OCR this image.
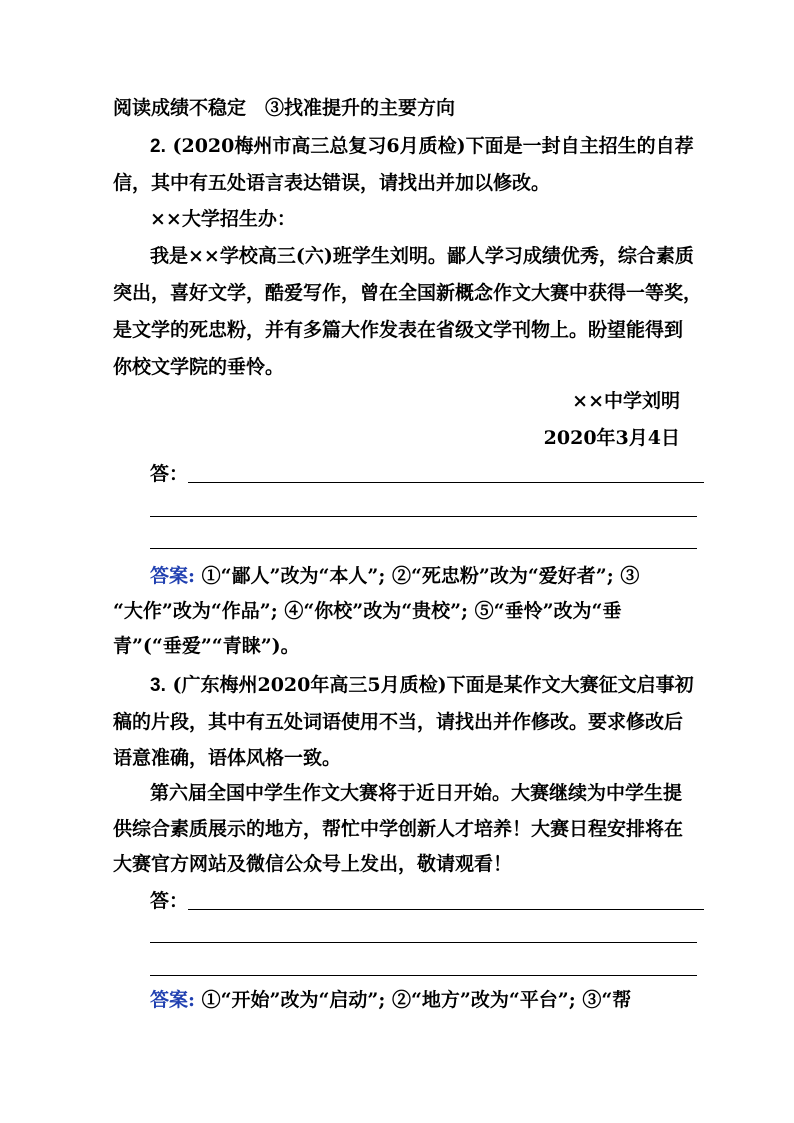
阅读成绩不稳定　③找准提升的主要方向
2. (2020梅州市高三总复习6月质检)下面是一封自主招生的自荐
信，其中有五处语言表达错误，请找出并加以修改。
××大学招生办：
我是××学校高三(六)班学生刘明。鄙人学习成绩优秀，综合素质
突出，喜好文学，酷爱写作，曾在全国新概念作文大赛中获得一等奖，
是文学的死忠粉，并有多篇大作发表在省级文学刊物上。盼望能得到
你校文学院的垂怜。
××中学刘明
2020年3月4日
答：
答案: ①“鄙人”改为“本人”; ②“死忠粉”改为“爱好者”; ③
“大作”改为“作品”; ④“你校”改为“贵校”; ⑤“垂怜”改为“垂
青”(“垂爱”“青睐”)。
3. (广东梅州2020年高三5月质检)下面是某作文大赛征文启事初
稿的片段，其中有五处词语使用不当，请找出并作修改。要求修改后
语意准确，语体风格一致。
第六届全国中学生作文大赛将于近日开始。大赛继续为中学生提
供综合素质展示的地方，帮忙中学创新人才培养！大赛日程安排将在
大赛官方网站及微信公众号上发出，敬请观看！
答：
答案: ①“开始”改为“启动”; ②“地方”改为“平台”; ③“帮
